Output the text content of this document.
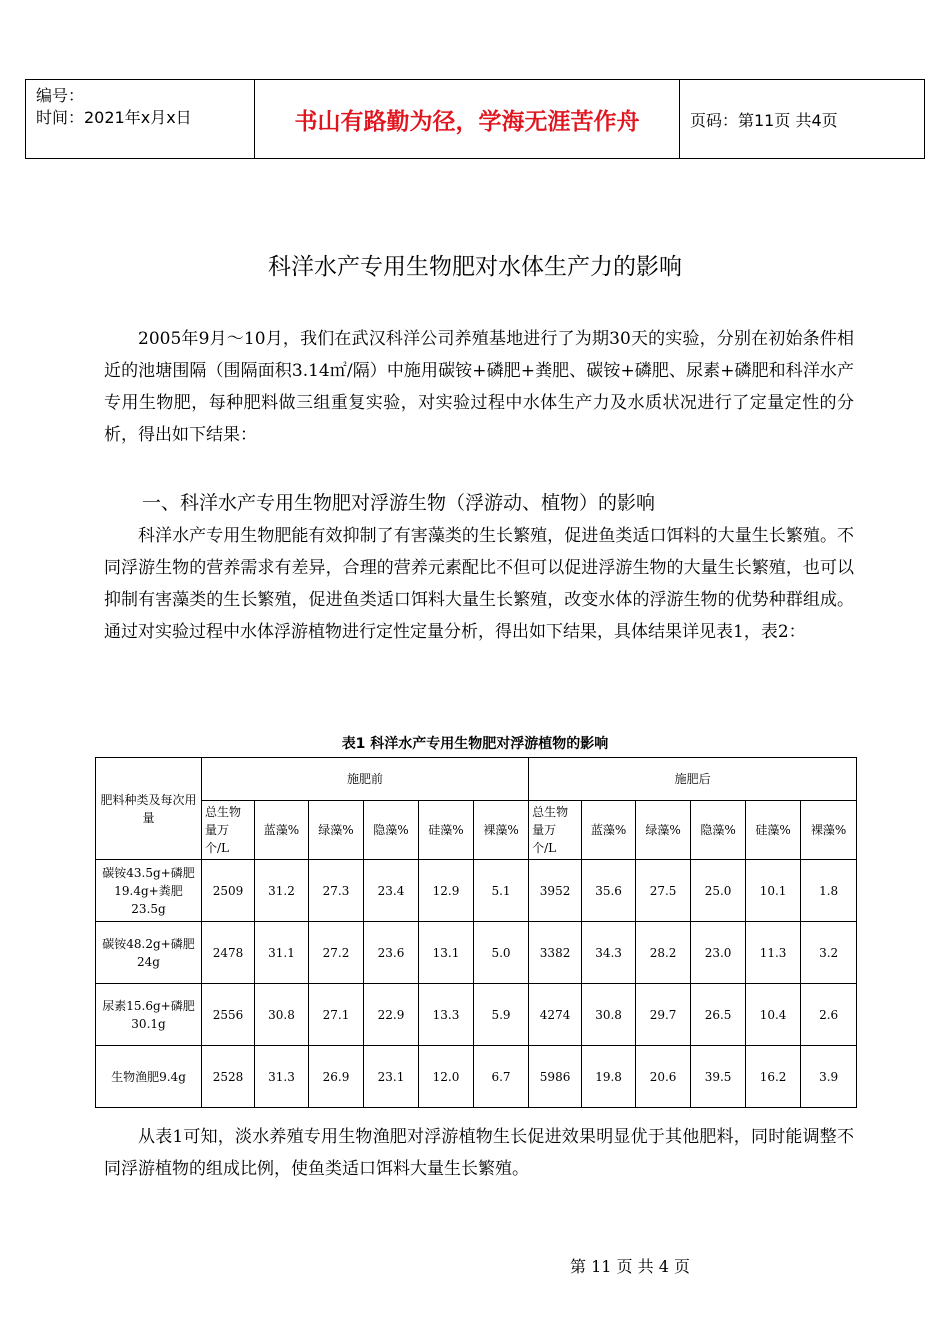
编号：
时间：2021年x月x日	书山有路勤为径，学海无涯苦作舟	页码：第11页 共4页
科洋水产专用生物肥对水体生产力的影响

2005年9月～10月，我们在武汉科洋公司养殖基地进行了为期30天的实验，分别在初始条件相近的池塘围隔（围隔面积3.14㎡/隔）中施用碳铵+磷肥+粪肥、碳铵+磷肥、尿素+磷肥和科洋水产专用生物肥，每种肥料做三组重复实验，对实验过程中水体生产力及水质状况进行了定量定性的分析，得出如下结果：

一、科洋水产专用生物肥对浮游生物（浮游动、植物）的影响

科洋水产专用生物肥能有效抑制了有害藻类的生长繁殖，促进鱼类适口饵料的大量生长繁殖。不同浮游生物的营养需求有差异，合理的营养元素配比不但可以促进浮游生物的大量生长繁殖，也可以抑制有害藻类的生长繁殖，促进鱼类适口饵料大量生长繁殖，改变水体的浮游生物的优势种群组成。通过对实验过程中水体浮游植物进行定性定量分析，得出如下结果，具体结果详见表1，表2：

表1 科洋水产专用生物肥对浮游植物的影响
肥料种类及每次用量	施肥前						施肥后					
	总生物量万个/L	蓝藻%	绿藻%	隐藻%	硅藻%	裸藻%	总生物量万个/L	蓝藻%	绿藻%	隐藻%	硅藻%	裸藻%
碳铵43.5g+磷肥19.4g+粪肥23.5g	2509	31.2	27.3	23.4	12.9	5.1	3952	35.6	27.5	25.0	10.1	1.8
碳铵48.2g+磷肥24g	2478	31.1	27.2	23.6	13.1	5.0	3382	34.3	28.2	23.0	11.3	3.2
尿素15.6g+磷肥30.1g	2556	30.8	27.1	22.9	13.3	5.9	4274	30.8	29.7	26.5	10.4	2.6
生物渔肥9.4g	2528	31.3	26.9	23.1	12.0	6.7	5986	19.8	20.6	39.5	16.2	3.9

从表1可知，淡水养殖专用生物渔肥对浮游植物生长促进效果明显优于其他肥料，同时能调整不同浮游植物的组成比例，使鱼类适口饵料大量生长繁殖。

第 11 页 共 4 页
